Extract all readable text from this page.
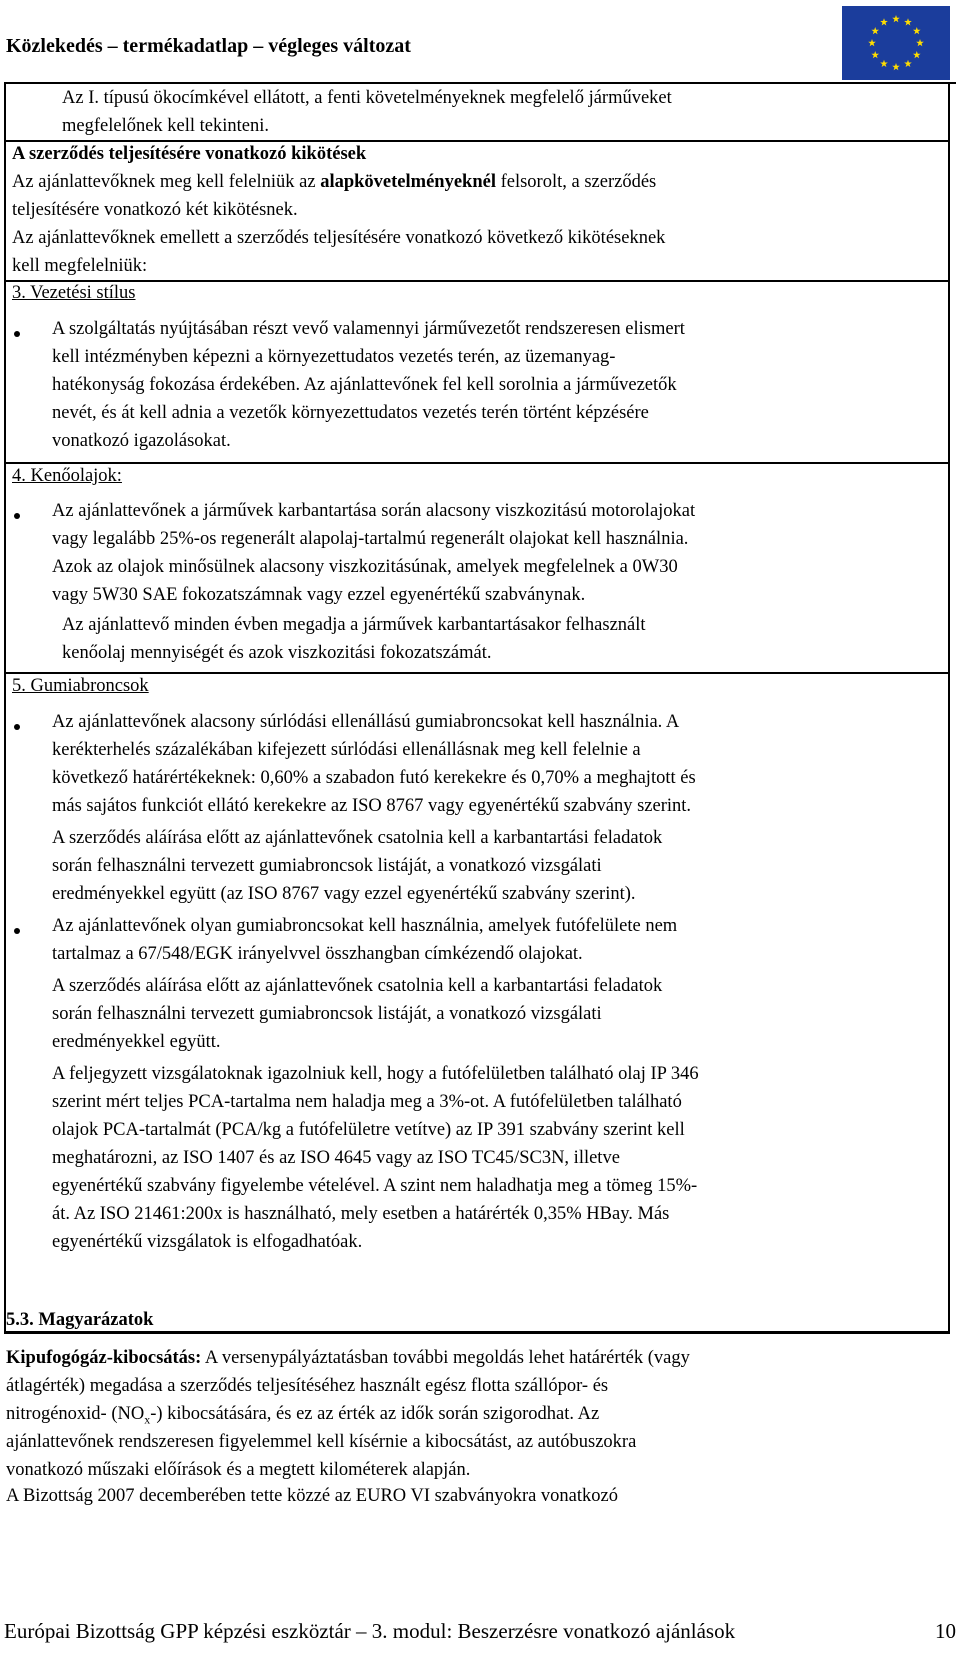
Közlekedés – termékadatlap – végleges változat
Az I. típusú ökocímkével ellátott, a fenti követelményeknek megfelelő járműveket
megfelelőnek kell tekinteni.
A szerződés teljesítésére vonatkozó kikötések
Az ajánlattevőknek meg kell felelniük az alapkövetelményeknél felsorolt, a szerződés
teljesítésére vonatkozó két kikötésnek.
Az ajánlattevőknek emellett a szerződés teljesítésére vonatkozó következő kikötéseknek
kell megfelelniük:
3. Vezetési stílus
A szolgáltatás nyújtásában részt vevő valamennyi járművezetőt rendszeresen elismert
kell intézményben képezni a környezettudatos vezetés terén, az üzemanyag-
hatékonyság fokozása érdekében. Az ajánlattevőnek fel kell sorolnia a járművezetők
nevét, és át kell adnia a vezetők környezettudatos vezetés terén történt képzésére
vonatkozó igazolásokat.
4. Kenőolajok:
Az ajánlattevőnek a járművek karbantartása során alacsony viszkozitású motorolajokat
vagy legalább 25%-os regenerált alapolaj-tartalmú regenerált olajokat kell használnia.
Azok az olajok minősülnek alacsony viszkozitásúnak, amelyek megfelelnek a 0W30
vagy 5W30 SAE fokozatszámnak vagy ezzel egyenértékű szabványnak.
Az ajánlattevő minden évben megadja a járművek karbantartásakor felhasznált
kenőolaj mennyiségét és azok viszkozitási fokozatszámát.
5. Gumiabroncsok
Az ajánlattevőnek alacsony súrlódási ellenállású gumiabroncsokat kell használnia. A
kerékterhelés százalékában kifejezett súrlódási ellenállásnak meg kell felelnie a
következő határértékeknek: 0,60% a szabadon futó kerekekre és 0,70% a meghajtott és
más sajátos funkciót ellátó kerekekre az ISO 8767 vagy egyenértékű szabvány szerint.
A szerződés aláírása előtt az ajánlattevőnek csatolnia kell a karbantartási feladatok
során felhasználni tervezett gumiabroncsok listáját, a vonatkozó vizsgálati
eredményekkel együtt (az ISO 8767 vagy ezzel egyenértékű szabvány szerint).
Az ajánlattevőnek olyan gumiabroncsokat kell használnia, amelyek futófelülete nem
tartalmaz a 67/548/EGK irányelvvel összhangban címkézendő olajokat.
A szerződés aláírása előtt az ajánlattevőnek csatolnia kell a karbantartási feladatok
során felhasználni tervezett gumiabroncsok listáját, a vonatkozó vizsgálati
eredményekkel együtt.
A feljegyzett vizsgálatoknak igazolniuk kell, hogy a futófelületben található olaj IP 346
szerint mért teljes PCA-tartalma nem haladja meg a 3%-ot. A futófelületben található
olajok PCA-tartalmát (PCA/kg a futófelületre vetítve) az IP 391 szabvány szerint kell
meghatározni, az ISO 1407 és az ISO 4645 vagy az ISO TC45/SC3N, illetve
egyenértékű szabvány figyelembe vételével. A szint nem haladhatja meg a tömeg 15%-
át. Az ISO 21461:200x is használható, mely esetben a határérték 0,35% HBay. Más
egyenértékű vizsgálatok is elfogadhatóak.
5.3. Magyarázatok
Kipufogógáz-kibocsátás: A versenypályáztatásban további megoldás lehet határérték (vagy
átlagérték) megadása a szerződés teljesítéséhez használt egész flotta szállópor- és
nitrogénoxid- $(NO_x-)$ kibocsátására, és ez az érték az idők során szigorodhat. Az
ajánlattevőnek rendszeresen figyelemmel kell kísérnie a kibocsátást, az autóbuszokra
vonatkozó műszaki előírások és a megtett kilométerek alapján.
A Bizottság 2007 decemberében tette közzé az EURO VI szabványokra vonatkozó
Európai Bizottság GPP képzési eszköztár – 3. modul: Beszerzésre vonatkozó ajánlások	10
